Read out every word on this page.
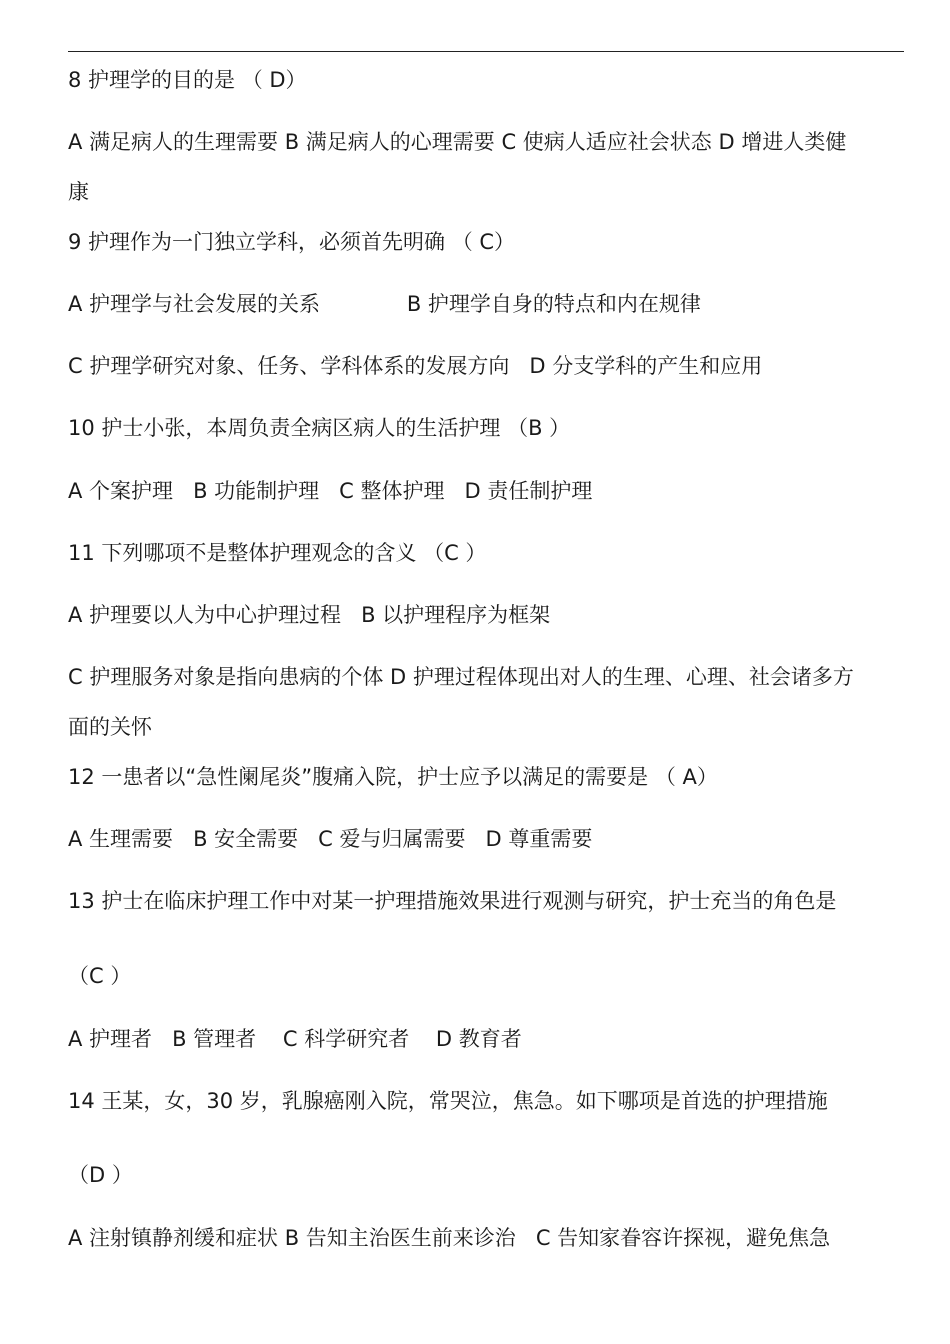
8 护理学的目的是 （ D）
A 满足病人的生理需要 B 满足病人的心理需要 C 使病人适应社会状态 D 增进人类健
康
9 护理作为一门独立学科，必须首先明确 （ C）
A 护理学与社会发展的关系             B 护理学自身的特点和内在规律
C 护理学研究对象、任务、学科体系的发展方向   D 分支学科的产生和应用
10 护士小张，本周负责全病区病人的生活护理 （B ）
A 个案护理   B 功能制护理   C 整体护理   D 责任制护理
11 下列哪项不是整体护理观念的含义 （C ）
A 护理要以人为中心护理过程   B 以护理程序为框架
C 护理服务对象是指向患病的个体 D 护理过程体现出对人的生理、心理、社会诸多方
面的关怀
12 一患者以“急性阑尾炎”腹痛入院，护士应予以满足的需要是 （ A）
A 生理需要   B 安全需要   C 爱与归属需要   D 尊重需要
13 护士在临床护理工作中对某一护理措施效果进行观测与研究，护士充当的角色是
（C ）
A 护理者   B 管理者    C 科学研究者    D 教育者
14 王某，女，30 岁，乳腺癌刚入院，常哭泣，焦急。如下哪项是首选的护理措施
（D ）
A 注射镇静剂缓和症状 B 告知主治医生前来诊治   C 告知家眷容许探视，避免焦急
